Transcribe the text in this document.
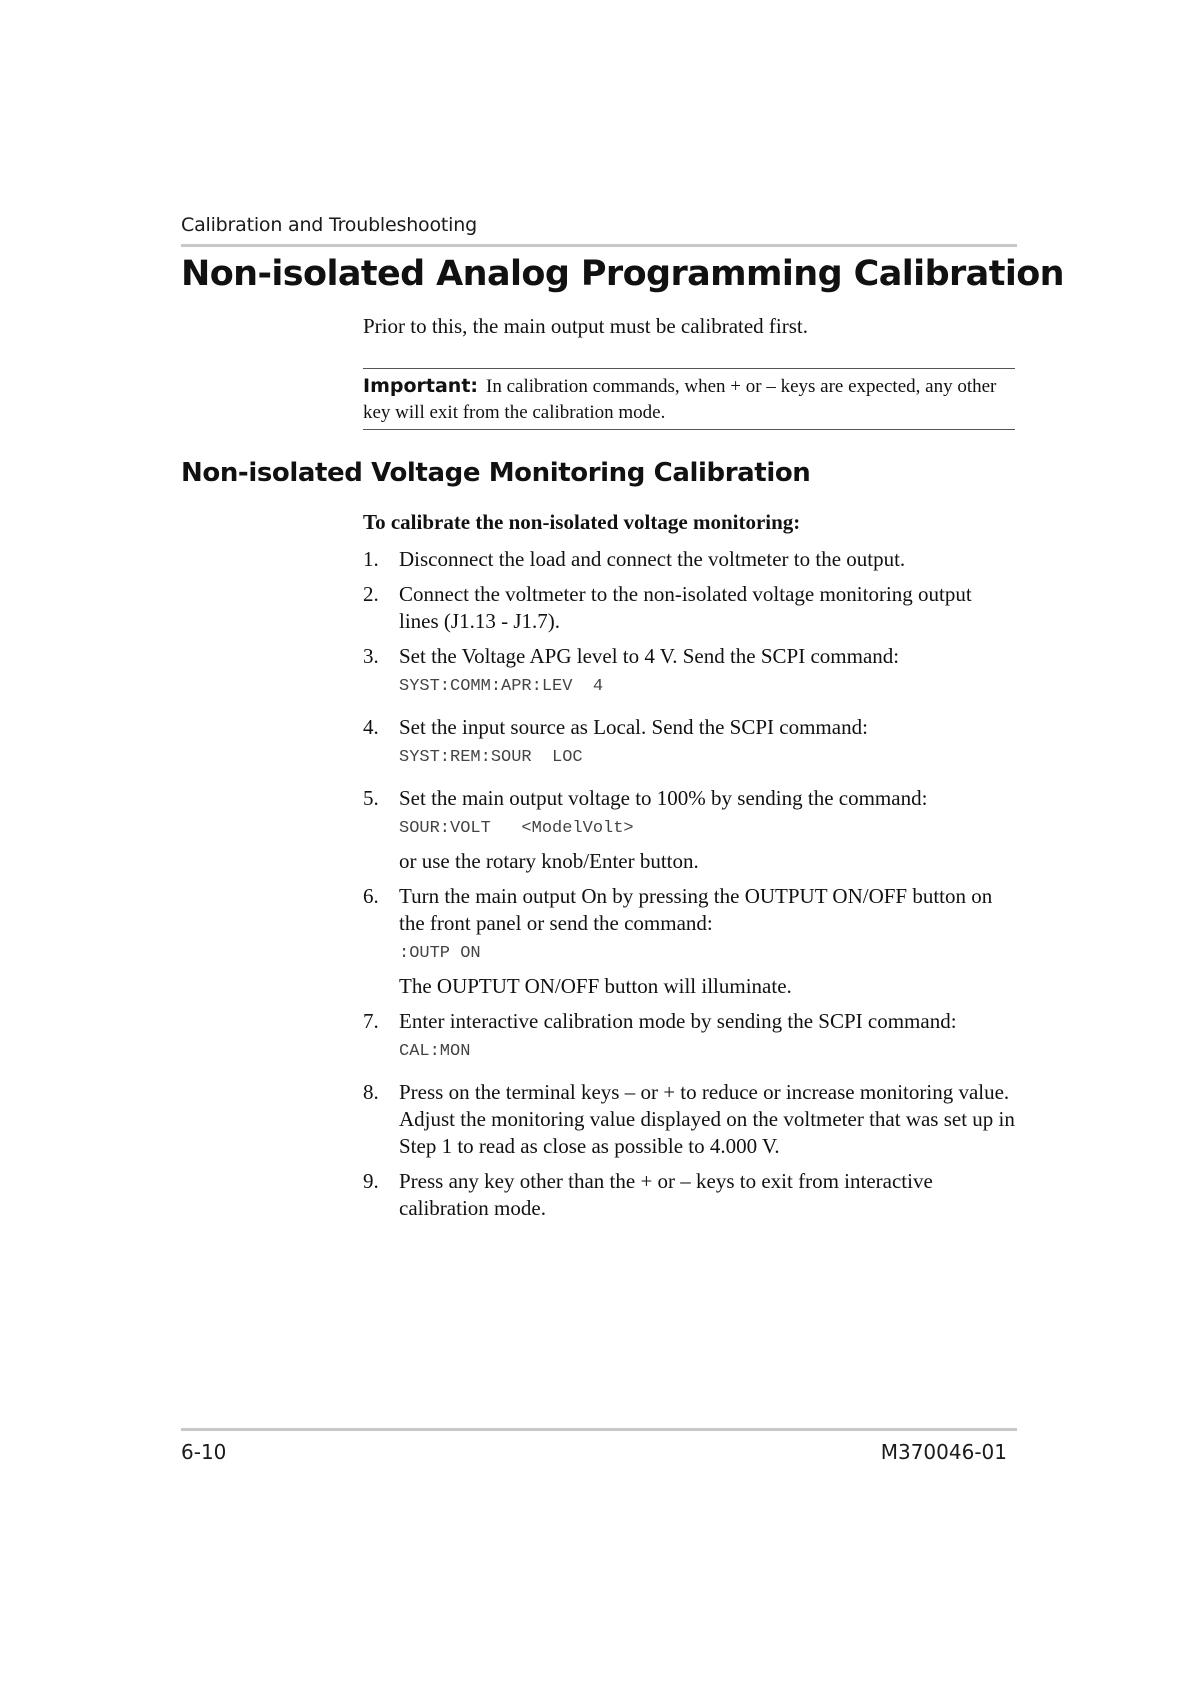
Calibration and Troubleshooting
Non-isolated Analog Programming Calibration
Prior to this, the main output must be calibrated first.
Important: In calibration commands, when + or – keys are expected, any other key will exit from the calibration mode.
Non-isolated Voltage Monitoring Calibration
To calibrate the non-isolated voltage monitoring:
1. Disconnect the load and connect the voltmeter to the output.
2. Connect the voltmeter to the non-isolated voltage monitoring output lines (J1.13 - J1.7).
3. Set the Voltage APG level to 4 V. Send the SCPI command:
SYST:COMM:APR:LEV  4
4. Set the input source as Local. Send the SCPI command:
SYST:REM:SOUR  LOC
5. Set the main output voltage to 100% by sending the command:
SOUR:VOLT   <ModelVolt>
or use the rotary knob/Enter button.
6. Turn the main output On by pressing the OUTPUT ON/OFF button on the front panel or send the command:
:OUTP ON
The OUPTUT ON/OFF button will illuminate.
7. Enter interactive calibration mode by sending the SCPI command:
CAL:MON
8. Press on the terminal keys – or + to reduce or increase monitoring value. Adjust the monitoring value displayed on the voltmeter that was set up in Step 1 to read as close as possible to 4.000 V.
9. Press any key other than the + or – keys to exit from interactive calibration mode.
6-10	M370046-01
